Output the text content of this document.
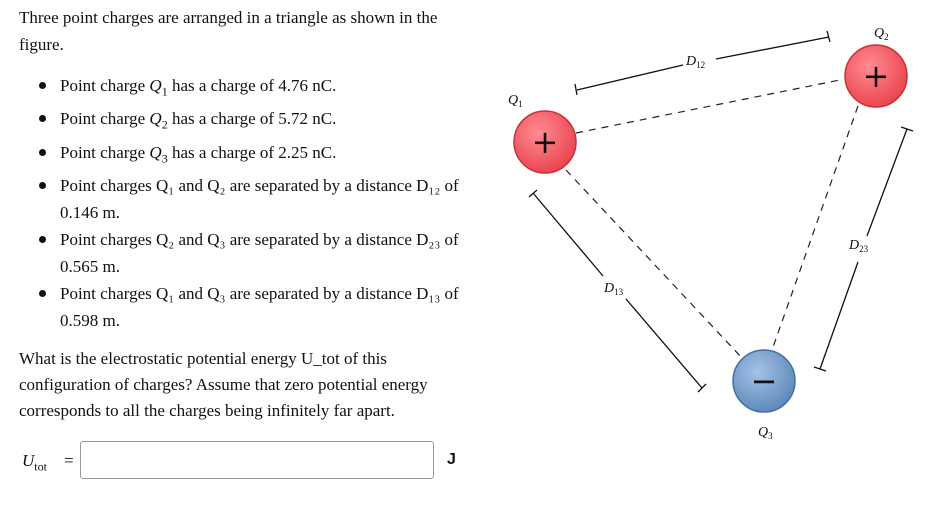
Three point charges are arranged in a triangle as shown in the figure.

Point charge $Q_1$ has a charge of 4.76 nC.
Point charge $Q_2$ has a charge of 5.72 nC.
Point charge $Q_3$ has a charge of 2.25 nC.
Point charges Q₁ and Q₂ are separated by a distance D₁₂ of 0.146 m.
Point charges Q₂ and Q₃ are separated by a distance D₂₃ of 0.565 m.
Point charges Q₁ and Q₃ are separated by a distance D₁₃ of 0.598 m.

What is the electrostatic potential energy U_tot of this configuration of charges? Assume that zero potential energy corresponds to all the charges being infinitely far apart.

$U_{tot}$ =	J
$D_{12}$
$D_{23}$
$D_{13}$
+
$Q_1$
+
$Q_2$
−
$Q_3$
